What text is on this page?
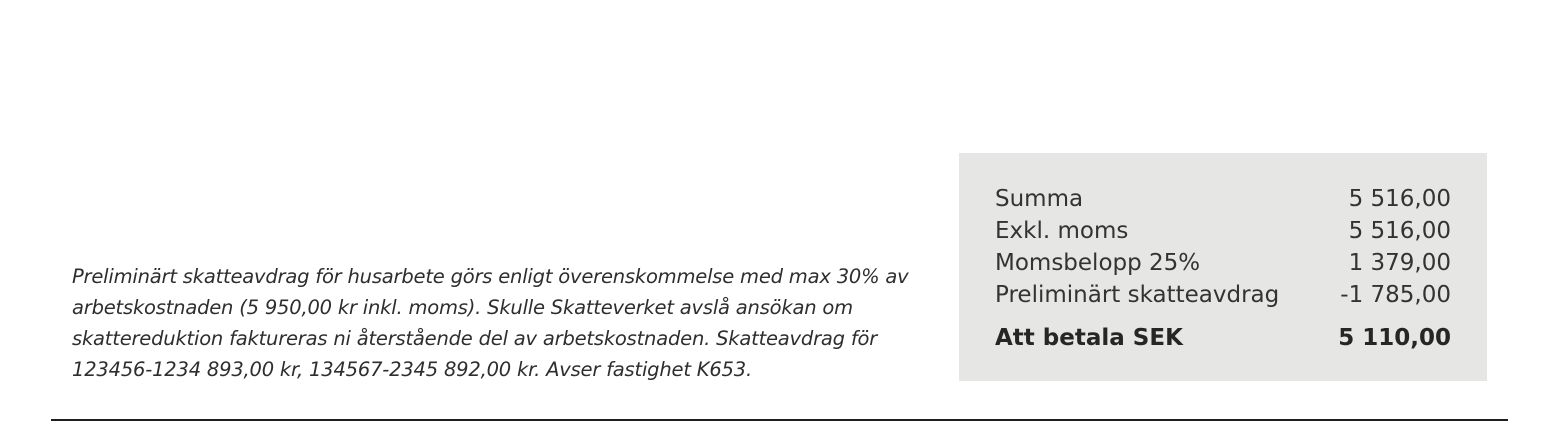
Preliminärt skatteavdrag för husarbete görs enligt överenskommelse med max 30% av
arbetskostnaden (5 950,00 kr inkl. moms). Skulle Skatteverket avslå ansökan om
skattereduktion faktureras ni återstående del av arbetskostnaden. Skatteavdrag för
123456-1234 893,00 kr, 134567-2345 892,00 kr. Avser fastighet K653.
Summa	5 516,00
Exkl. moms	5 516,00
Momsbelopp 25%	1 379,00
Preliminärt skatteavdrag	-1 785,00
Att betala SEK	5 110,00
